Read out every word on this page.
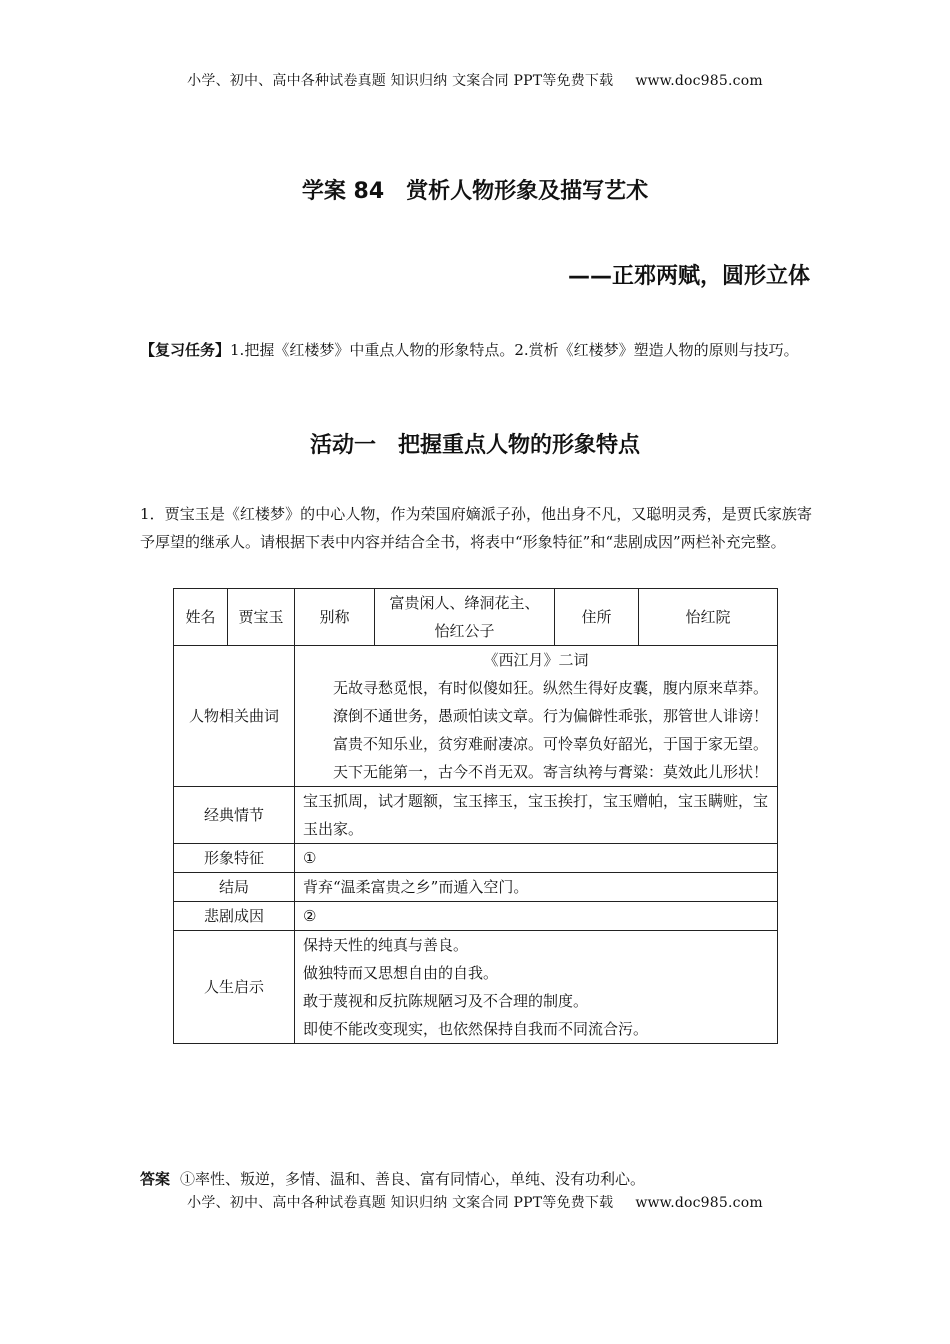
小学、初中、高中各种试卷真题 知识归纳 文案合同 PPT等免费下载 www.doc985.com
学案 84　赏析人物形象及描写艺术
——正邪两赋，圆形立体
【复习任务】1.把握《红楼梦》中重点人物的形象特点。2.赏析《红楼梦》塑造人物的原则与技巧。
活动一　把握重点人物的形象特点
1．贾宝玉是《红楼梦》的中心人物，作为荣国府嫡派子孙，他出身不凡，又聪明灵秀，是贾氏家族寄予厚望的继承人。请根据下表中内容并结合全书，将表中“形象特征”和“悲剧成因”两栏补充完整。
姓名	贾宝玉	别称	富贵闲人、绛洞花主、怡红公子	住所	怡红院
人物相关曲词		《西江月》二词

无故寻愁觅恨，有时似傻如狂。纵然生得好皮囊，腹内原来草莽。

潦倒不通世务，愚顽怕读文章。行为偏僻性乖张，那管世人诽谤！

富贵不知乐业，贫穷难耐凄凉。可怜辜负好韶光，于国于家无望。

天下无能第一，古今不肖无双。寄言纨袴与膏粱：莫效此儿形状！			

经典情节		宝玉抓周，试才题额，宝玉摔玉，宝玉挨打，宝玉赠帕，宝玉瞒赃，宝玉出家。			
形象特征		①			
结局		背弃“温柔富贵之乡”而遁入空门。			
悲剧成因		②			
人生启示		保持天性的纯真与善良。

做独特而又思想自由的自我。

敢于蔑视和反抗陈规陋习及不合理的制度。

即使不能改变现实，也依然保持自我而不同流合污。			

答案 ①率性、叛逆，多情、温和、善良、富有同情心，单纯、没有功利心。
小学、初中、高中各种试卷真题 知识归纳 文案合同 PPT等免费下载 www.doc985.com
